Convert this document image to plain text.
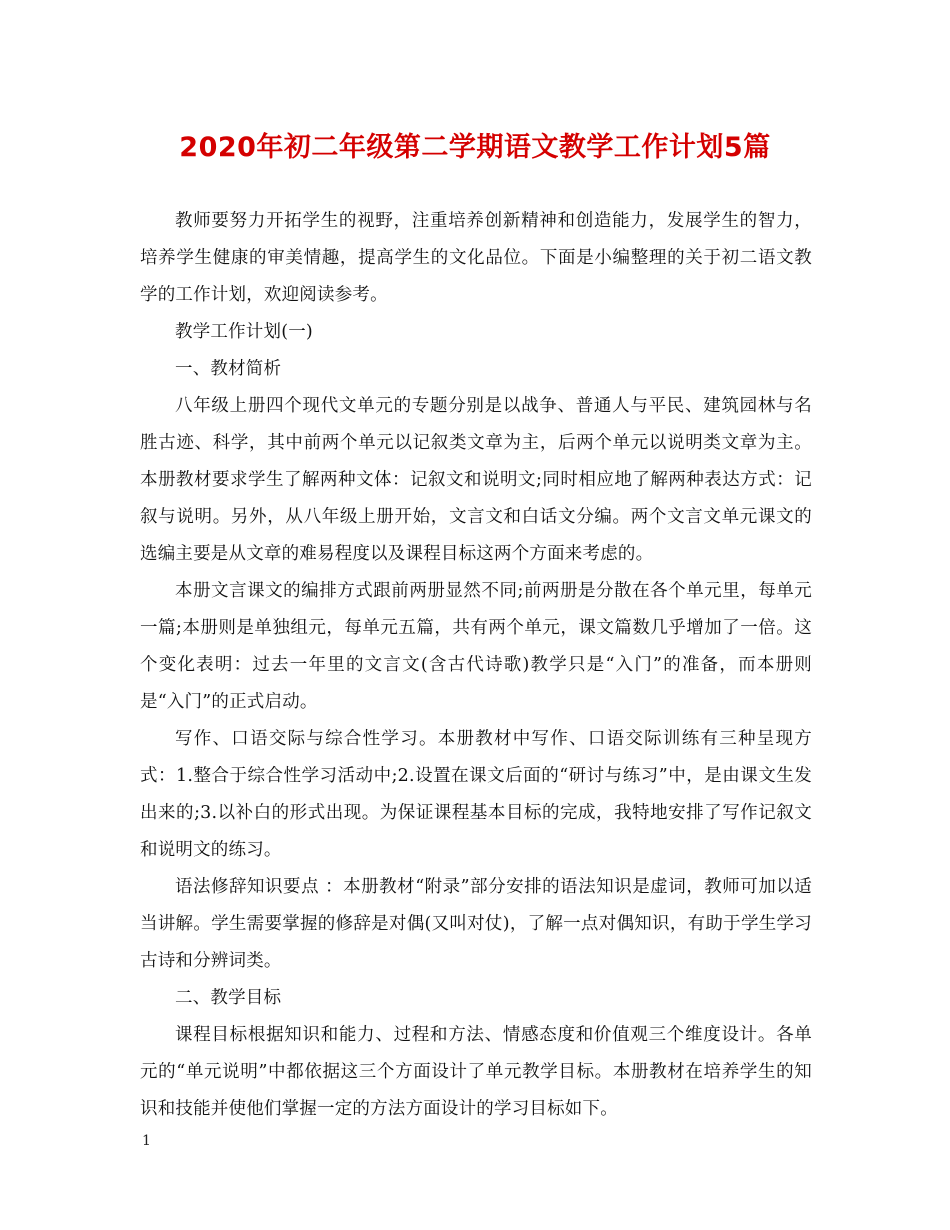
2020年初二年级第二学期语文教学工作计划5篇

教师要努力开拓学生的视野，注重培养创新精神和创造能力，发展学生的智力，培养学生健康的审美情趣，提高学生的文化品位。下面是小编整理的关于初二语文教学的工作计划，欢迎阅读参考。

教学工作计划(一)

一、教材简析

八年级上册四个现代文单元的专题分别是以战争、普通人与平民、建筑园林与名胜古迹、科学，其中前两个单元以记叙类文章为主，后两个单元以说明类文章为主。本册教材要求学生了解两种文体：记叙文和说明文;同时相应地了解两种表达方式：记叙与说明。另外，从八年级上册开始，文言文和白话文分编。两个文言文单元课文的选编主要是从文章的难易程度以及课程目标这两个方面来考虑的。

本册文言课文的编排方式跟前两册显然不同;前两册是分散在各个单元里，每单元一篇;本册则是单独组元，每单元五篇，共有两个单元，课文篇数几乎增加了一倍。这个变化表明：过去一年里的文言文(含古代诗歌)教学只是“入门”的准备，而本册则是“入门”的正式启动。

写作、口语交际与综合性学习。本册教材中写作、口语交际训练有三种呈现方式：1.整合于综合性学习活动中;2.设置在课文后面的“研讨与练习”中，是由课文生发出来的;3.以补白的形式出现。为保证课程基本目标的完成，我特地安排了写作记叙文和说明文的练习。

语法修辞知识要点 ：本册教材“附录”部分安排的语法知识是虚词，教师可加以适当讲解。学生需要掌握的修辞是对偶(又叫对仗)，了解一点对偶知识，有助于学生学习古诗和分辨词类。

二、教学目标

课程目标根据知识和能力、过程和方法、情感态度和价值观三个维度设计。各单元的“单元说明”中都依据这三个方面设计了单元教学目标。本册教材在培养学生的知识和技能并使他们掌握一定的方法方面设计的学习目标如下。

1
